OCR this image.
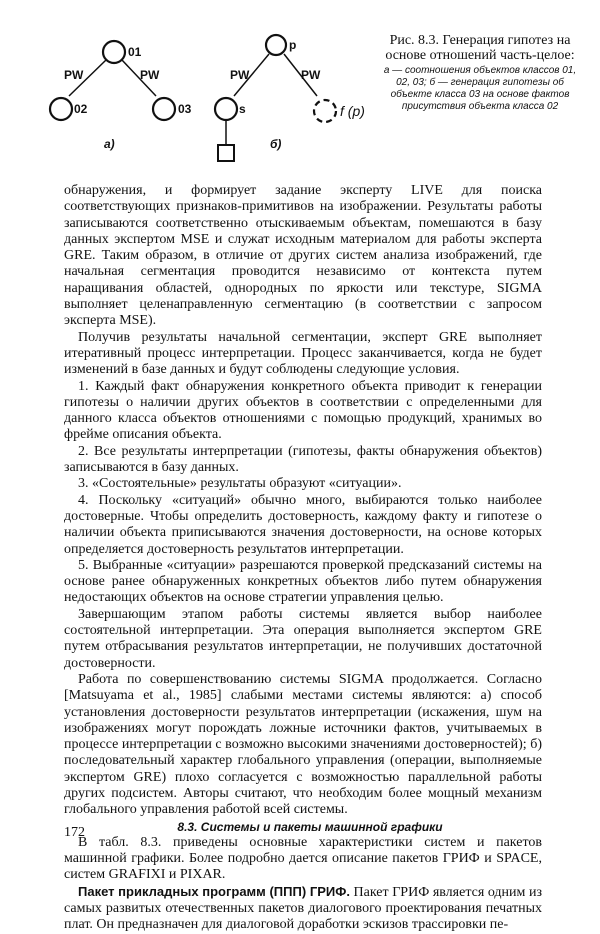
01
02	03
PW	PW
а)
p
s	f (p)
PW	PW
б)
Рис. 8.3. Генерация гипотез на основе отношений часть-целое:
а — соотношения объектов классов 01, 02, 03; б — генерация гипотезы об объекте класса 03 на основе фактов присутствия объекта класса 02

обнаружения, и формирует задание эксперту LIVE для поиска соответствующих признаков-примитивов на изображении. Результаты работы записываются соответственно отыскиваемым объектам, помешаются в базу данных экспертом MSE и служат исходным материалом для работы эксперта GRE. Таким образом, в отличие от других систем анализа изображений, где начальная сегментация проводится независимо от контекста путем наращивания областей, однородных по яркости или текстуре, SIGMA выполняет целенаправленную сегментацию (в соответствии с запросом эксперта MSE).

Получив результаты начальной сегментации, эксперт GRE выполняет итеративный процесс интерпретации. Процесс заканчивается, когда не будет изменений в базе данных и будут соблюдены следующие условия.

1. Каждый факт обнаружения конкретного объекта приводит к генерации гипотезы о наличии других объектов в соответствии с определенными для данного класса объектов отношениями с помощью продукций, хранимых во фрейме описания объекта.

2. Все результаты интерпретации (гипотезы, факты обнаружения объектов) записываются в базу данных.

3. «Состоятельные» результаты образуют «ситуации».

4. Поскольку «ситуаций» обычно много, выбираются только наиболее достоверные. Чтобы определить достоверность, каждому факту и гипотезе о наличии объекта приписываются значения достоверности, на основе которых определяется достоверность результатов интерпретации.

5. Выбранные «ситуации» разрешаются проверкой предсказаний системы на основе ранее обнаруженных конкретных объектов либо путем обнаружения недостающих объектов на основе стратегии управления целью.

Завершающим этапом работы системы является выбор наиболее состоятельной интерпретации. Эта операция выполняется экспертом GRE путем отбрасывания результатов интерпретации, не получивших достаточной достоверности.

Работа по совершенствованию системы SIGMA продолжается. Согласно [Matsuyama et al., 1985] слабыми местами системы являются: а) способ установления достоверности результатов интерпретации (искажения, шум на изображениях могут порождать ложные источники фактов, учитываемых в процессе интерпретации с возможно высокими значениями достоверностей); б) последовательный характер глобального управления (операции, выполняемые экспертом GRE) плохо согласуется с возможностью параллельной работы других подсистем. Авторы считают, что необходим более мощный механизм глобального управления работой всей системы.

8.3. Системы и пакеты машинной графики

В табл. 8.3. приведены основные характеристики систем и пакетов машинной графики. Более подробно дается описание пакетов ГРИФ и SPACE, систем GRAFIXI и PIXAR.

Пакет прикладных программ (ППП) ГРИФ. Пакет ГРИФ является одним из самых развитых отечественных пакетов диалогового проектирования печатных плат. Он предназначен для диалоговой доработки эскизов трассировки пе-

172
